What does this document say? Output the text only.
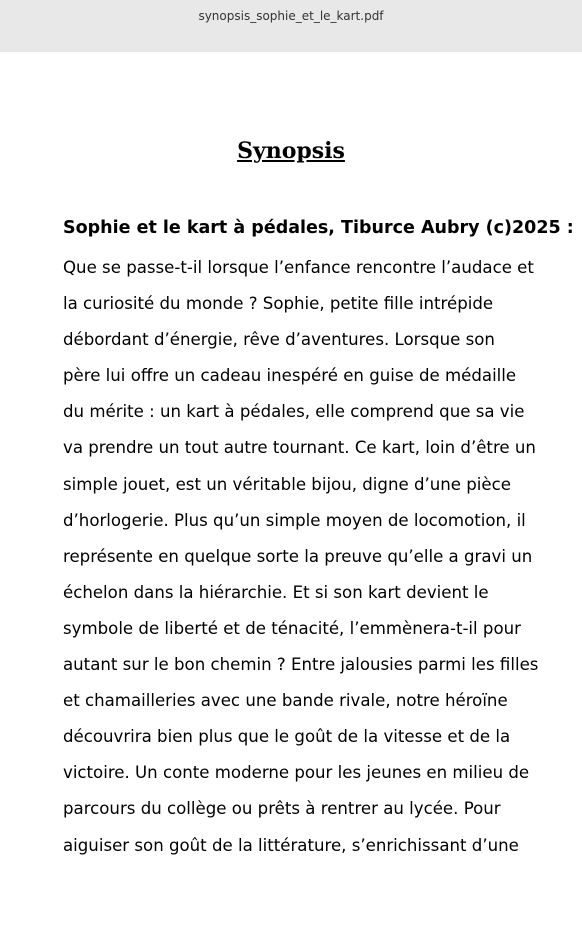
synopsis_sophie_et_le_kart.pdf
Synopsis
Sophie et le kart à pédales, Tiburce Aubry (c)2025 :
Que se passe-t-il lorsque l’enfance rencontre l’audace et
la curiosité du monde ? Sophie, petite fille intrépide
débordant d’énergie, rêve d’aventures. Lorsque son
père lui offre un cadeau inespéré en guise de médaille
du mérite : un kart à pédales, elle comprend que sa vie
va prendre un tout autre tournant. Ce kart, loin d’être un
simple jouet, est un véritable bijou, digne d’une pièce
d’horlogerie. Plus qu’un simple moyen de locomotion, il
représente en quelque sorte la preuve qu’elle a gravi un
échelon dans la hiérarchie. Et si son kart devient le
symbole de liberté et de ténacité, l’emmènera-t-il pour
autant sur le bon chemin ? Entre jalousies parmi les filles
et chamailleries avec une bande rivale, notre héroïne
découvrira bien plus que le goût de la vitesse et de la
victoire. Un conte moderne pour les jeunes en milieu de
parcours du collège ou prêts à rentrer au lycée. Pour
aiguiser son goût de la littérature, s’enrichissant d’une
